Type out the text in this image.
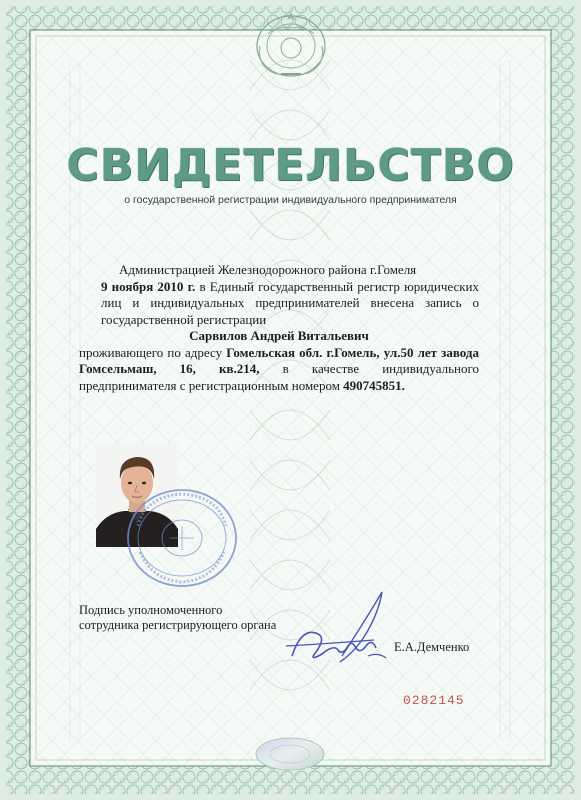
СВИДЕТЕЛЬСТВО
о государственной регистрации индивидуального предпринимателя

Администрацией Железнодорожного района г.Гомеля

9 ноября 2010 г. в Единый государственный регистр юридических лиц и индивидуальных предпринимателей внесена запись о государственной регистрации

Сарвилов Андрей Витальевич

проживающего по адресу Гомельская обл. г.Гомель, ул.50 лет завода Гомсельмаш, 16, кв.214, в качестве индивидуального предпринимателя с регистрационным номером 490745851.

Подпись уполномоченного сотрудника регистрирующего органа
Е.А.Демченко
0282145
